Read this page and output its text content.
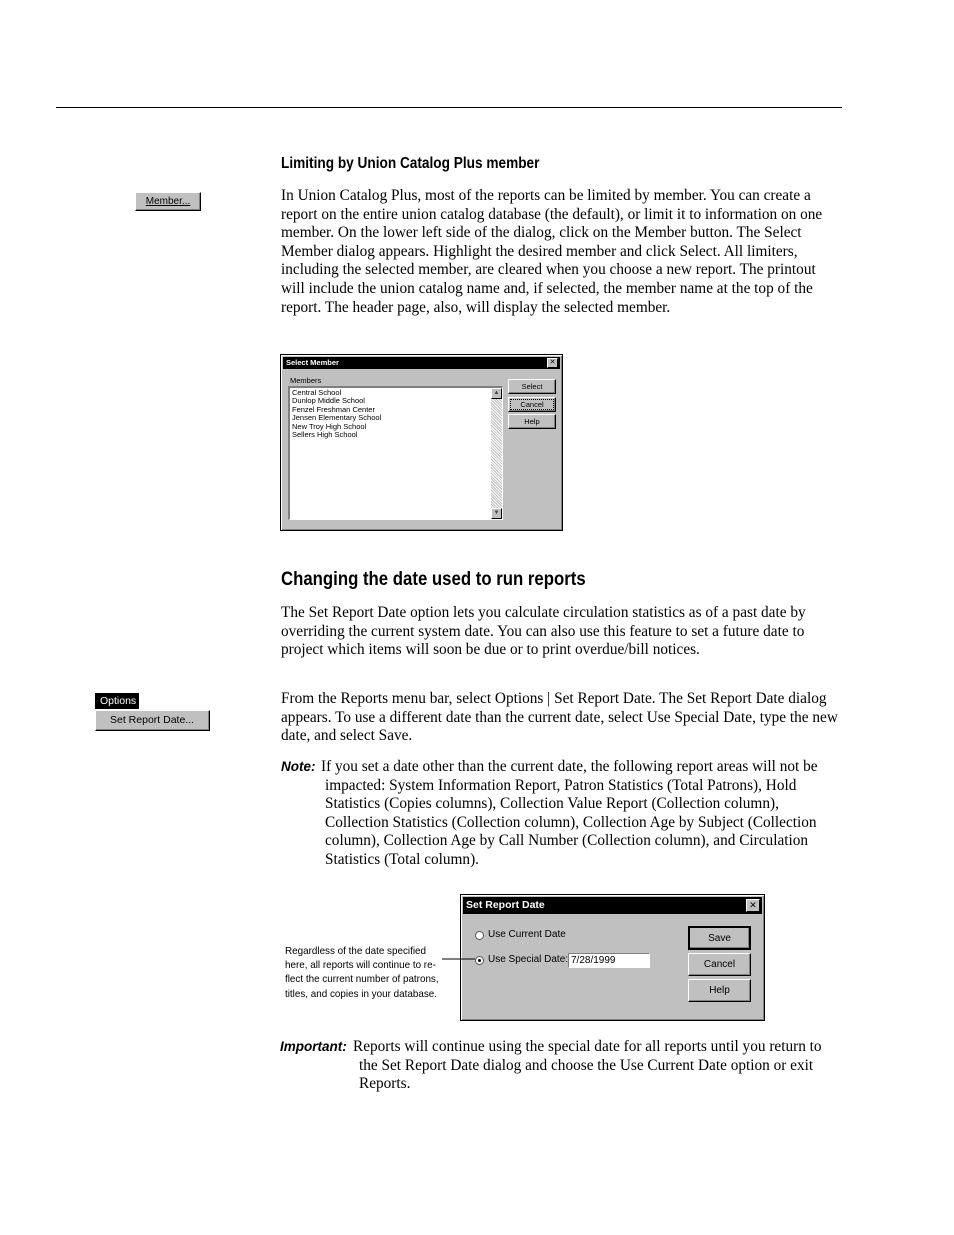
Limiting by Union Catalog Plus member
Member...	In Union Catalog Plus, most of the reports can be limited by member. You can create a report on the entire union catalog database (the default), or limit it to information on one member. On the lower left side of the dialog, click on the Member button. The Select Member dialog appears. Highlight the desired member and click Select. All limiters, including the selected member, are cleared when you choose a new report. The printout will include the union catalog name and, if selected, the member name at the top of the report. The header page, also, will display the selected member.

Select Member	✕
Members
Central School
Dunlop Middle School
Fenzel Freshman Center
Jensen Elementary School
New Troy High School
Sellers High School
▲
▼
Select
Cancel
Help
Changing the date used to run reports

The Set Report Date option lets you calculate circulation statistics as of a past date by overriding the current system date. You can also use this feature to set a future date to project which items will soon be due or to print overdue/bill notices.

Options
Set Report Date...

From the Reports menu bar, select Options | Set Report Date. The Set Report Date dialog appears. To use a different date than the current date, select Use Special Date, type the new date, and select Save.

Note: If you set a date other than the current date, the following report areas will not be impacted: System Information Report, Patron Statistics (Total Patrons), Hold Statistics (Copies columns), Collection Value Report (Collection column), Collection Statistics (Collection column), Collection Age by Subject (Collection column), Collection Age by Call Number (Collection column), and Circulation Statistics (Total column).

Set Report Date	✕
Use Current Date
Use Special Date: 7/28/1999
Save
Cancel
Help
Regardless of the date specified here, all reports will continue to re-flect the current number of patrons, titles, and copies in your database.
Important: Reports will continue using the special date for all reports until you return to the Set Report Date dialog and choose the Use Current Date option or exit Reports.
